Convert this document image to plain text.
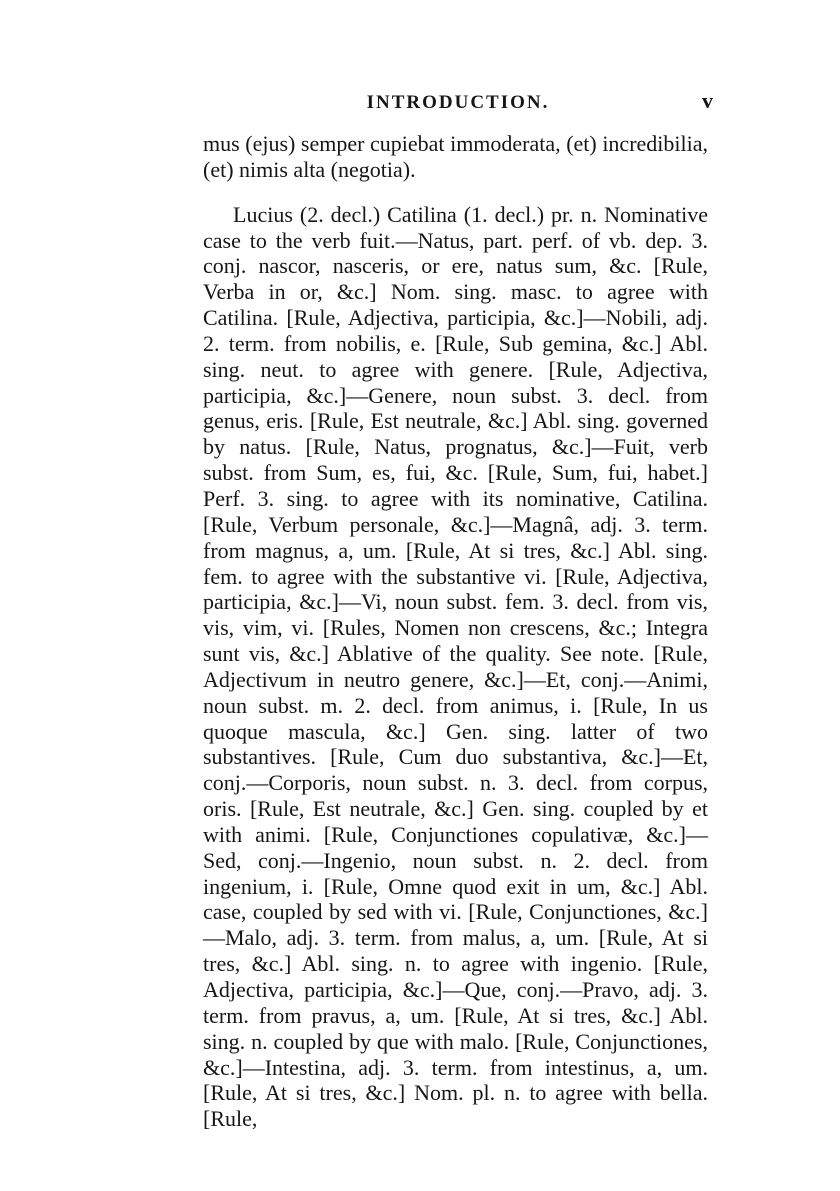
INTRODUCTION.	v

mus (ejus) semper cupiebat immoderata, (et) incredibilia, (et) nimis alta (negotia).

Lucius (2. decl.) Catilina (1. decl.) pr. n. Nominative case to the verb fuit.—Natus, part. perf. of vb. dep. 3. conj. nascor, nasceris, or ere, natus sum, &c. [Rule, Verba in or, &c.] Nom. sing. masc. to agree with Catilina. [Rule, Adjectiva, participia, &c.]—Nobili, adj. 2. term. from nobilis, e. [Rule, Sub gemina, &c.] Abl. sing. neut. to agree with genere. [Rule, Adjectiva, participia, &c.]—Genere, noun subst. 3. decl. from genus, eris. [Rule, Est neutrale, &c.] Abl. sing. governed by natus. [Rule, Natus, prognatus, &c.]—Fuit, verb subst. from Sum, es, fui, &c. [Rule, Sum, fui, habet.] Perf. 3. sing. to agree with its nominative, Catilina. [Rule, Verbum personale, &c.]—Magnâ, adj. 3. term. from magnus, a, um. [Rule, At si tres, &c.] Abl. sing. fem. to agree with the substantive vi. [Rule, Adjectiva, participia, &c.]—Vi, noun subst. fem. 3. decl. from vis, vis, vim, vi. [Rules, Nomen non crescens, &c.; Integra sunt vis, &c.] Ablative of the quality. See note. [Rule, Adjectivum in neutro genere, &c.]—Et, conj.—Animi, noun subst. m. 2. decl. from animus, i. [Rule, In us quoque mascula, &c.] Gen. sing. latter of two substantives. [Rule, Cum duo substantiva, &c.]—Et, conj.—Corporis, noun subst. n. 3. decl. from corpus, oris. [Rule, Est neutrale, &c.] Gen. sing. coupled by et with animi. [Rule, Conjunctiones copulativæ, &c.]—Sed, conj.—Ingenio, noun subst. n. 2. decl. from ingenium, i. [Rule, Omne quod exit in um, &c.] Abl. case, coupled by sed with vi. [Rule, Conjunctiones, &c.]—Malo, adj. 3. term. from malus, a, um. [Rule, At si tres, &c.] Abl. sing. n. to agree with ingenio. [Rule, Adjectiva, participia, &c.]—Que, conj.—Pravo, adj. 3. term. from pravus, a, um. [Rule, At si tres, &c.] Abl. sing. n. coupled by que with malo. [Rule, Conjunctiones, &c.]—Intestina, adj. 3. term. from intestinus, a, um. [Rule, At si tres, &c.] Nom. pl. n. to agree with bella. [Rule,
